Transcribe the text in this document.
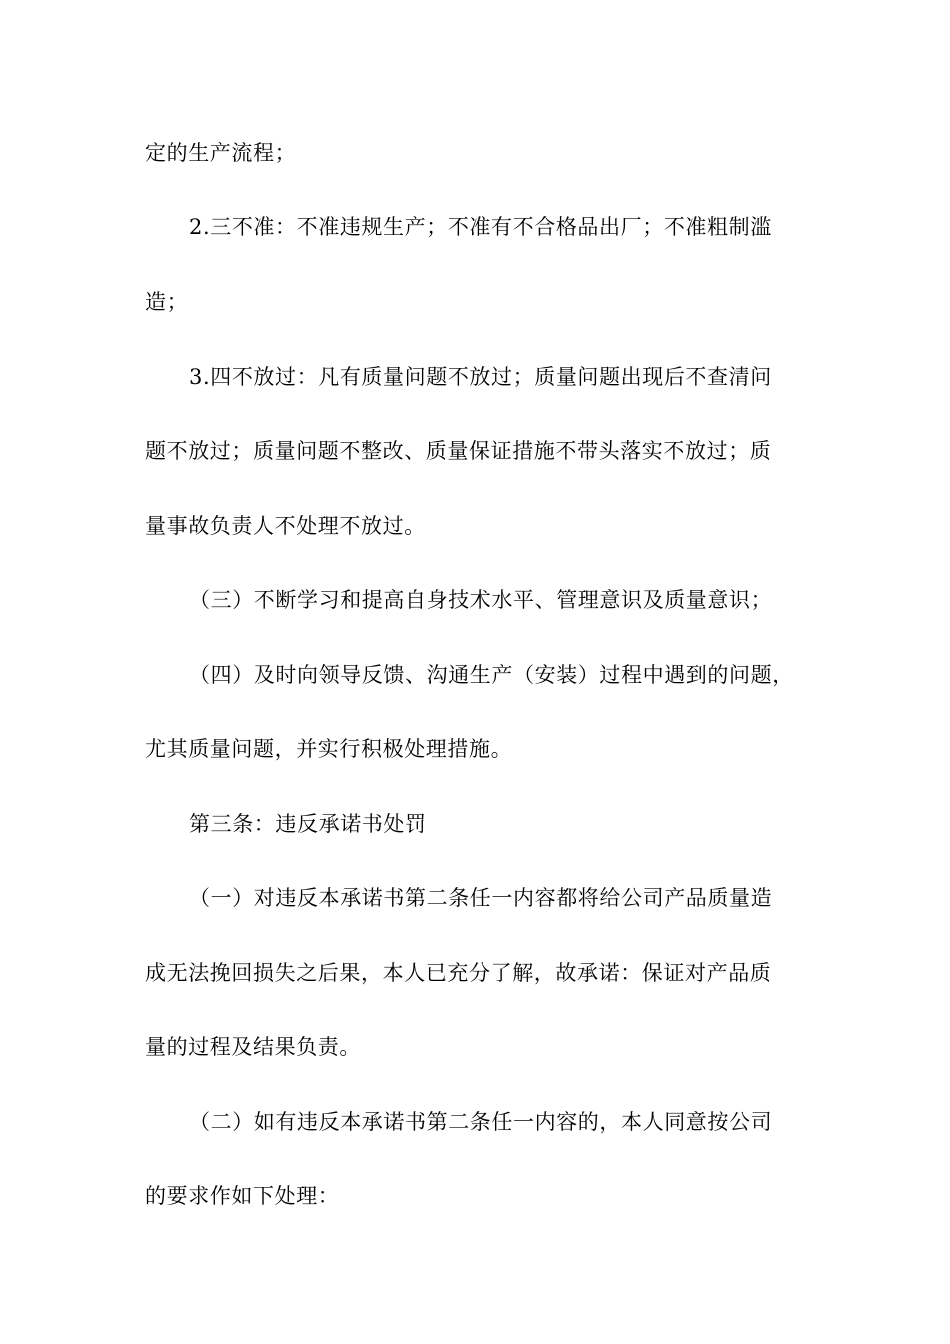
定的生产流程；
2.三不准：不准违规生产；不准有不合格品出厂；不准粗制滥
造；
3.四不放过：凡有质量问题不放过；质量问题出现后不查清问
题不放过；质量问题不整改、质量保证措施不带头落实不放过；质
量事故负责人不处理不放过。
（三）不断学习和提高自身技术水平、管理意识及质量意识；
（四）及时向领导反馈、沟通生产（安装）过程中遇到的问题，
尤其质量问题，并实行积极处理措施。
第三条：违反承诺书处罚
（一）对违反本承诺书第二条任一内容都将给公司产品质量造
成无法挽回损失之后果，本人已充分了解，故承诺：保证对产品质
量的过程及结果负责。
（二）如有违反本承诺书第二条任一内容的，本人同意按公司
的要求作如下处理：
